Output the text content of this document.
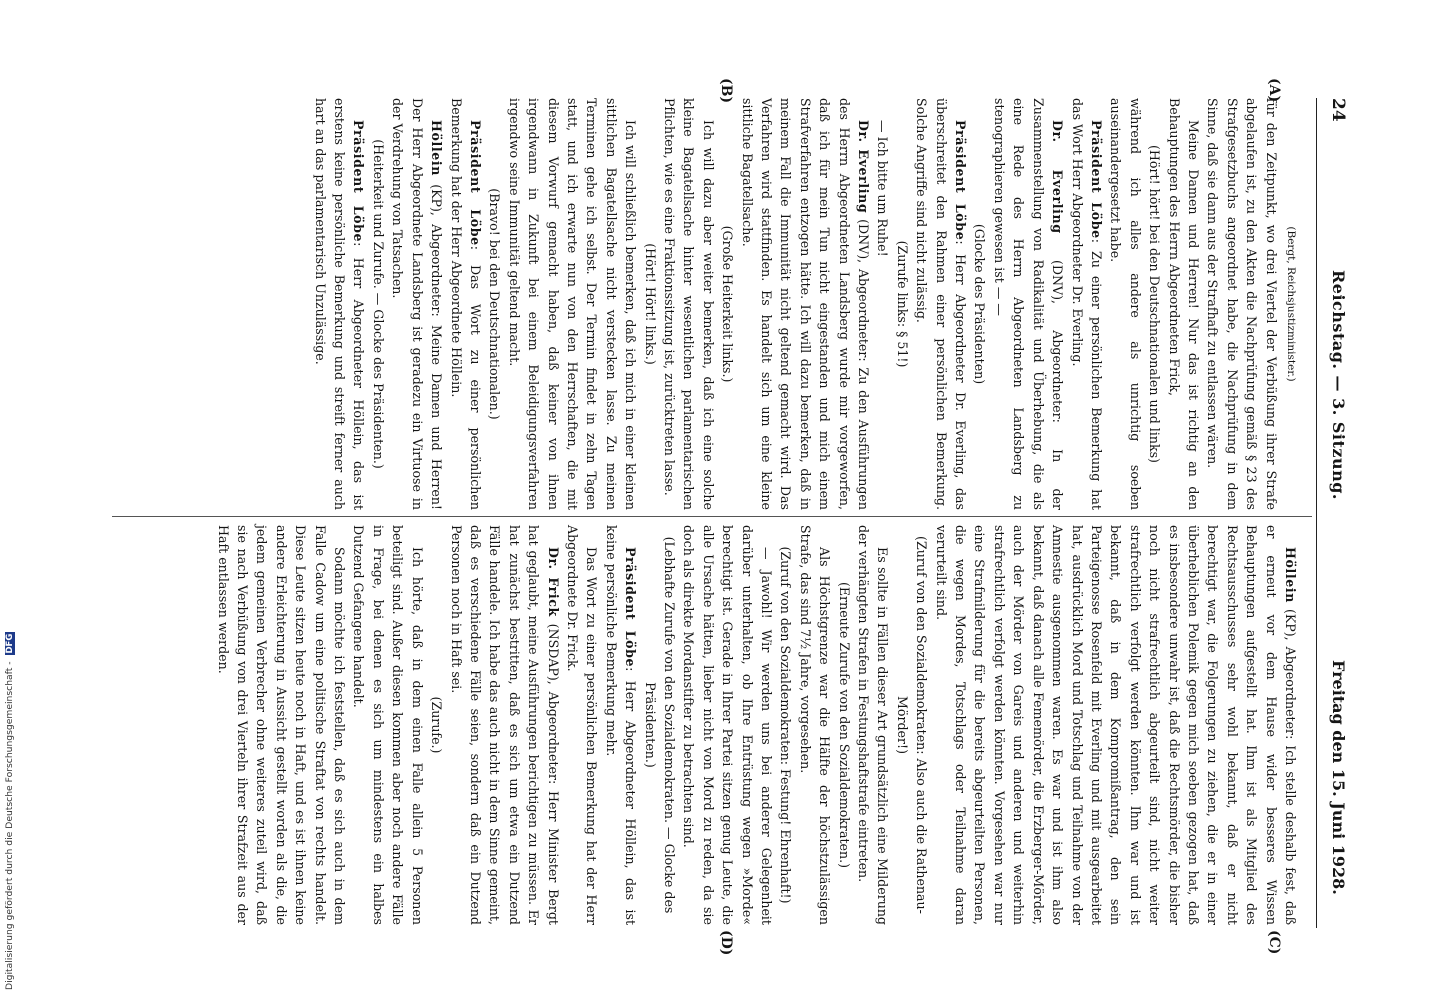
24
Reichstag. — 3. Sitzung.
Freitag den 15. Juni 1928.
(A)
(B)
(C)
(D)

(Bergt, Reichsjustizminister.)

für den Zeitpunkt, wo drei Viertel der Verbüßung ihrer Strafe abgelaufen ist, zu den Akten die Nachprüfung gemäß § 23 des Strafgesetzbuchs angeordnet habe, die Nachprüfung in dem Sinne, daß sie dann aus der Strafhaft zu entlassen wären.

Meine Damen und Herren! Nur das ist richtig an den Behauptungen des Herrn Abgeordneten Frick,

(Hört! hört! bei den Deutschnationalen und links)

während ich alles andere als unrichtig soeben auseinandergesetzt habe.

Präsident Löbe: Zu einer persönlichen Bemerkung hat das Wort Herr Abgeordneter Dr. Everling.

Dr. Everling (DNV), Abgeordneter: In der Zusammenstellung von Radikalität und Überhebung, die als eine Rede des Herrn Abgeordneten Landsberg zu stenographieren gewesen ist — —

(Glocke des Präsidenten)

Präsident Löbe: Herr Abgeordneter Dr. Everling, das überschreitet den Rahmen einer persönlichen Bemerkung. Solche Angriffe sind nicht zulässig.

(Zurufe links: § 51!)

— Ich bitte um Ruhe!

Dr. Everling (DNV), Abgeordneter: Zu den Ausführungen des Herrn Abgeordneten Landsberg wurde mir vorgeworfen, daß ich für mein Tun nicht eingestanden und mich einem Strafverfahren entzogen hätte. Ich will dazu bemerken, daß in meinem Fall die Immunität nicht geltend gemacht wird. Das Verfahren wird stattfinden. Es handelt sich um eine kleine sittliche Bagatellsache.

(Große Heiterkeit links.)

Ich will dazu aber weiter bemerken, daß ich eine solche kleine Bagatellsache hinter wesentlichen parlamentarischen Pflichten, wie es eine Fraktionssitzung ist, zurücktreten lasse.

(Hört! Hört! links.)

Ich will schließlich bemerken, daß ich mich in einer kleinen sittlichen Bagatellsache nicht verstecken lasse. Zu meinen Terminen gehe ich selbst. Der Termin findet in zehn Tagen statt, und ich erwarte nun von den Herrschaften, die mit diesem Vorwurf gemacht haben, daß keiner von ihnen irgendwann in Zukunft bei einem Beleidigungsverfahren irgendwo seine Immunität geltend macht.

(Bravo! bei den Deutschnationalen.)

Präsident Löbe: Das Wort zu einer persönlichen Bemerkung hat der Herr Abgeordnete Höllein.

Höllein (KP), Abgeordneter: Meine Damen und Herren! Der Herr Abgeordnete Landsberg ist geradezu ein Virtuose in der Verdrehung von Tatsachen.

(Heiterkeit und Zurufe. — Glocke des Präsidenten.)

Präsident Löbe: Herr Abgeordneter Höllein, das ist erstens keine persönliche Bemerkung und streift ferner auch hart an das parlamentarisch Unzulässige.

Höllein (KP), Abgeordneter: Ich stelle deshalb fest, daß er erneut vor dem Hause wider besseres Wissen Behauptungen aufgestellt hat. Ihm ist als Mitglied des Rechtsausschusses sehr wohl bekannt, daß er nicht berechtigt war, die Folgerungen zu ziehen, die er in einer überheblichen Polemik gegen mich soeben gezogen hat, daß es insbesondere unwahr ist, daß die Rechtsmörder, die bisher noch nicht strafrechtlich abgeurteilt sind, nicht weiter strafrechtlich verfolgt werden könnten. Ihm war und ist bekannt, daß in dem Kompromißantrag, den sein Parteigenosse Rosenfeld mit Everling und mit ausgearbeitet hat, ausdrücklich Mord und Totschlag und Teilnahme von der Amnestie ausgenommen waren. Es war und ist ihm also bekannt, daß danach alle Fememörder, die Erzberger-Mörder, auch der Mörder von Gareis und anderen und weiterhin strafrechtlich verfolgt werden könnten. Vorgesehen war nur eine Strafmilderung für die bereits abgeurteilten Personen, die wegen Mordes, Totschlags oder Teilnahme daran verurteilt sind.

(Zuruf von den Sozialdemokraten: Also auch die Rathenau-Mörder!)

Es sollte in Fällen dieser Art grundsätzlich eine Milderung der verhängten Strafen in Festungshaftstrafe eintreten.

(Erneute Zurufe von den Sozialdemokraten.)

Als Höchstgrenze war die Hälfte der höchstzulässigen Strafe, das sind 7½ Jahre, vorgesehen.

(Zuruf von den Sozialdemokraten: Festung! Ehrenhaft!)

— Jawohl! Wir werden uns bei anderer Gelegenheit darüber unterhalten, ob Ihre Entrüstung wegen »Morde« berechtigt ist. Gerade in Ihrer Partei sitzen genug Leute, die alle Ursache hätten, lieber nicht von Mord zu reden, da sie doch als direkte Mordanstifter zu betrachten sind.

(Lebhafte Zurufe von den Sozialdemokraten. — Glocke des Präsidenten.)

Präsident Löbe: Herr Abgeordneter Höllein, das ist keine persönliche Bemerkung mehr.

Das Wort zu einer persönlichen Bemerkung hat der Herr Abgeordnete Dr. Frick.

Dr. Frick (NSDAP), Abgeordneter: Herr Minister Bergt hat geglaubt, meine Ausführungen berichtigen zu müssen. Er hat zunächst bestritten, daß es sich um etwa ein Dutzend Fälle handele. Ich habe das auch nicht in dem Sinne gemeint, daß es verschiedene Fälle seien, sondern daß ein Dutzend Personen noch in Haft sei.

(Zurufe.)

Ich hörte, daß in dem einen Falle allein 5 Personen beteiligt sind. Außer diesen kommen aber noch andere Fälle in Frage, bei denen es sich um mindestens ein halbes Dutzend Gefangene handelt.

Sodann möchte ich feststellen, daß es sich auch in dem Falle Cadow um eine politische Straftat von rechts handelt. Diese Leute sitzen heute noch in Haft, und es ist ihnen keine andere Erleichterung in Aussicht gestellt worden als die, die jedem gemeinen Verbrecher ohne weiteres zuteil wird, daß sie nach Verbüßung von drei Vierteln ihrer Strafzeit aus der Haft entlassen werden.

Digitalisierung gefördert durch die Deutsche Forschungsgemeinschaft - DFG
